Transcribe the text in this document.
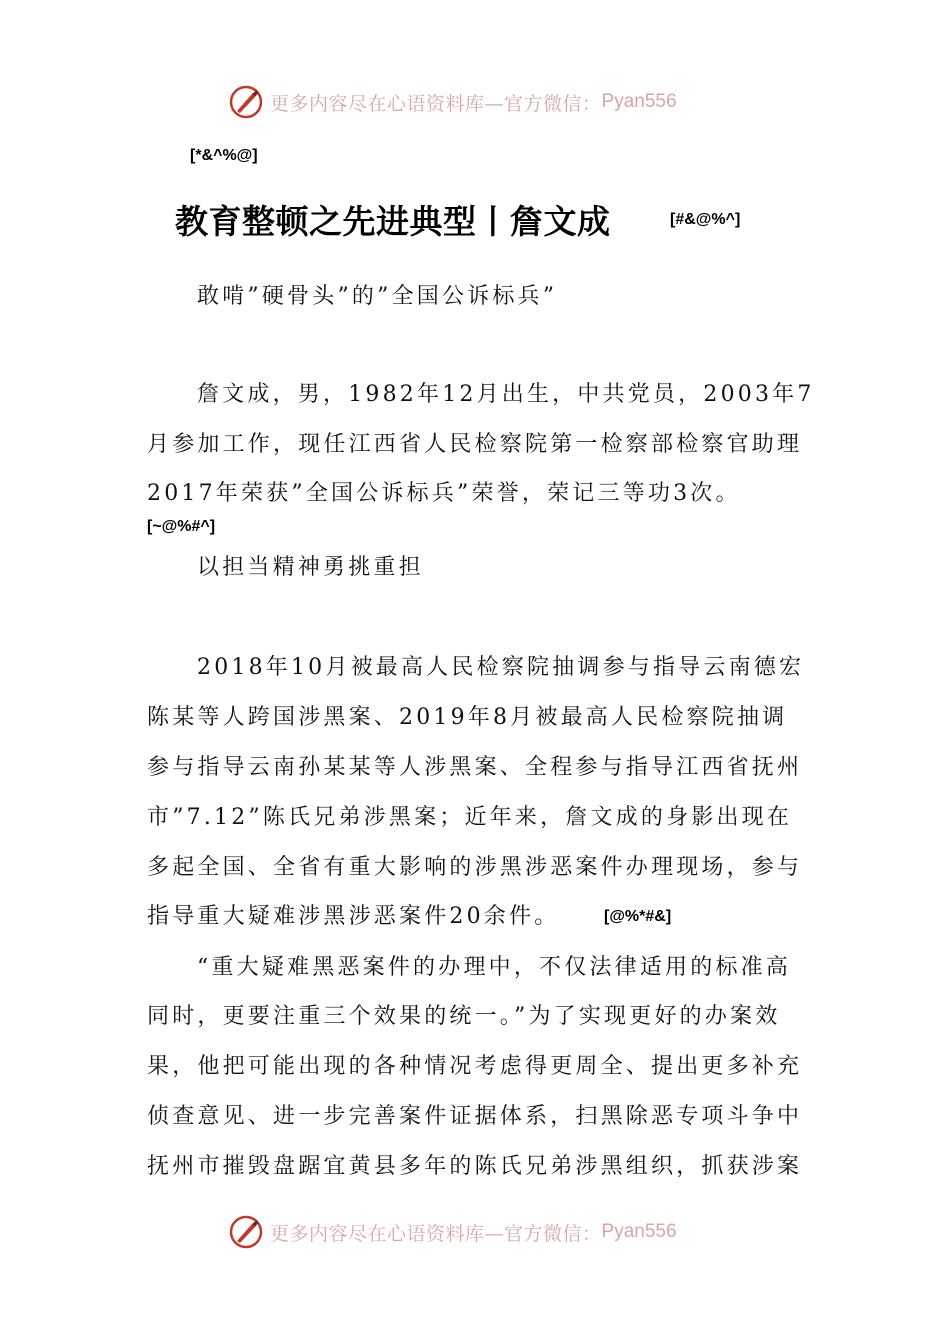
更多内容尽在心语资料库—官方微信： Pyan556
[*&^%@]
教育整顿之先进典型丨詹文成	[#&@%^]
敢啃”硬骨头”的”全国公诉标兵”
詹文成，男，1982年12月出生，中共党员，2003年7
月参加工作，现任江西省人民检察院第一检察部检察官助理
2017年荣获”全国公诉标兵”荣誉，荣记三等功3次。
[~@%#^]
以担当精神勇挑重担
2018年10月被最高人民检察院抽调参与指导云南德宏
陈某等人跨国涉黑案、2019年8月被最高人民检察院抽调
参与指导云南孙某某等人涉黑案、全程参与指导江西省抚州
市”7.12”陈氏兄弟涉黑案；近年来，詹文成的身影出现在
多起全国、全省有重大影响的涉黑涉恶案件办理现场，参与
指导重大疑难涉黑涉恶案件20余件。	[@%*#&]
“重大疑难黑恶案件的办理中，不仅法律适用的标准高
同时，更要注重三个效果的统一。”为了实现更好的办案效
果，他把可能出现的各种情况考虑得更周全、提出更多补充
侦查意见、进一步完善案件证据体系，扫黑除恶专项斗争中
抚州市摧毁盘踞宜黄县多年的陈氏兄弟涉黑组织，抓获涉案
更多内容尽在心语资料库—官方微信： Pyan556
